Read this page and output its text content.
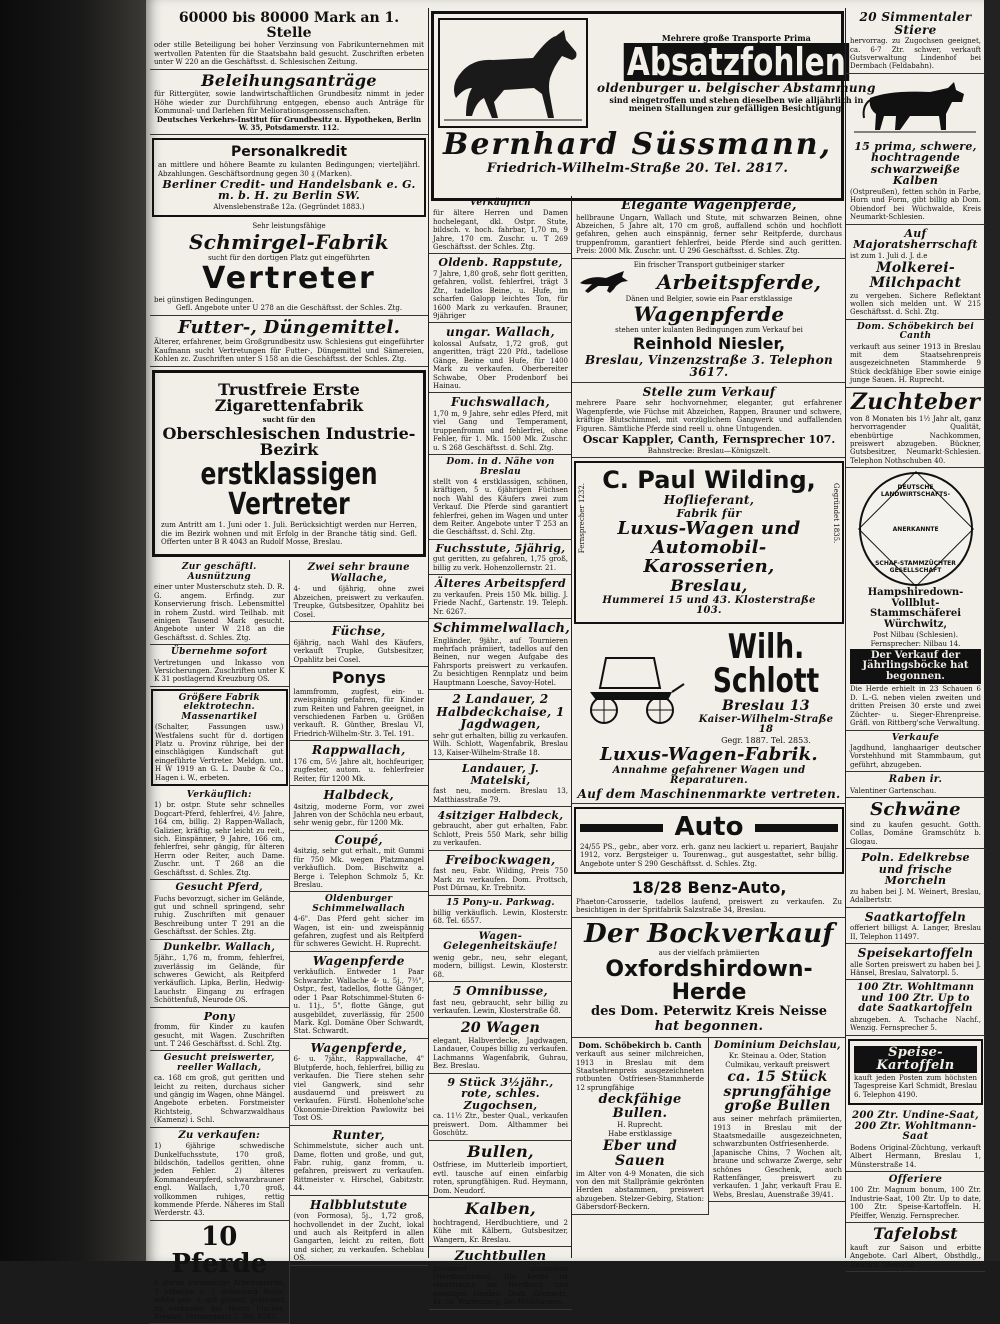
60000 bis 80000 Mark an 1. Stelle

oder stille Beteiligung bei hoher Verzinsung von Fabrikunternehmen mit wertvollen Patenten für die Staatsbahn bald gesucht. Zuschriften erbeten unter W 220 an die Geschäftsst. d. Schlesischen Zeitung.

Beleihungsanträge

für Rittergüter, sowie landwirtschaftlichen Grundbesitz nimmt in jeder Höhe wieder zur Durchführung entgegen, ebenso auch Anträge für Kommunal- und Darlehen für Meliorationsgenossenschaften.

Deutsches Verkehrs-Institut für Grundbesitz u. Hypotheken, Berlin W. 35, Potsdamerstr. 112.

Personalkredit

an mittlere und höhere Beamte zu kulanten Bedingungen; vierteljährl. Abzahlungen. Geschäftsordnung gegen 30 ₰ (Marken).

Berliner Credit- und Handelsbank e. G. m. b. H. zu Berlin SW.

Alvenslebenstraße 12a. (Gegründet 1883.)

Sehr leistungsfähige

Schmirgel-Fabrik

sucht für den dortigen Platz gut eingeführten

Vertreter

bei günstigen Bedingungen.

Gefl. Angebote unter U 278 an die Geschäftsst. der Schles. Ztg.

Futter-, Düngemittel.

Älterer, erfahrener, beim Großgrundbesitz usw. Schlesiens gut eingeführter Kaufmann sucht Vertretungen für Futter-, Düngemittel und Sämereien, Kohlen zc. Zuschriften unter S 158 an die Geschäftsst. der Schles. Ztg.

Trustfreie Erste Zigarettenfabrik

sucht für den

Oberschlesischen Industrie-Bezirk
erstklassigen Vertreter

zum Antritt am 1. Juni oder 1. Juli. Berücksichtigt werden nur Herren, die im Bezirk wohnen und mit Erfolg in der Branche tätig sind. Gefl. Offerten unter B R 4043 an Rudolf Mosse, Breslau.

Zur geschäftl. Ausnützung

einer unter Musterschutz steh. D. R. G. angem. Erfindg. zur Konservierung frisch. Lebensmittel in rohem Zustd. wird Teilhab. mit einigen Tausend Mark gesucht. Angebote unter W 218 an die Geschäftsst. d. Schles. Ztg.

Übernehme sofort

Vertretungen und Inkasso von Versicherungen. Zuschriften unter K K 31 postlagernd Kreuzburg OS.

Größere Fabrik elektrotechn. Massenartikel

(Schalter, Fassungen usw.) Westfalens sucht für d. dortigen Platz u. Provinz rührige, bei der einschlägigen Kundschaft gut eingeführte Vertreter. Meldgn. unt. H W 1919 an G. L. Daube & Co., Hagen i. W., erbeten.

Verkäuflich:

1) br. ostpr. Stute sehr schnelles Dogcart-Pferd, fehlerfrei, 4½ Jahre, 164 cm, billig. 2) Rappen-Wallach, Galizier, kräftig, sehr leicht zu reit., sich. Einspänner, 9 Jahre, 166 cm, fehlerfrei, sehr gängig, für älteren Herrn oder Reiter, auch Dame. Zuschr. unt. T 268 an die Geschäftsst. d. Schles. Ztg.

Gesucht Pferd,

Fuchs bevorzugt, sicher im Gelände, gut und schnell springend, sehr ruhig. Zuschriften mit genauer Beschreibung unter T 291 an die Geschäftsst. der Schles. Ztg.

Dunkelbr. Wallach,

5jähr., 1,76 m, fromm, fehlerfrei, zuverlässig im Gelände, für schweres Gewicht, als Reitpferd verkäuflich. Lipka, Berlin, Hedwig-Lauchstr. Eingang zu erfragen Schöttenfuß, Neurode OS.

Pony

fromm, für Kinder zu kaufen gesucht, mit Wagen. Zuschriften unt. T 246 Geschäftsst. d. Schl. Ztg.

Gesucht preiswerter, reeller Wallach,

ca. 168 cm groß, gut geritten und leicht zu reiten, durchaus sicher und gängig im Wagen, ohne Mängel. Angebote erbeten. Forstmeister Richtsteig, Schwarzwaldhaus (Kamenz) i. Schl.

Zu verkaufen:

1) 6jährige schwedische Dunkelfuchsstute, 170 groß, bildschön, tadellos geritten, ohne jeden Fehler. 2) älteres Kommandeurpferd, schwarzbrauner engl. Wallach, 1,70 groß, vollkommen ruhiges, rettig kommende Pferde. Näheres im Stall Werderstr. 43.

10 Pferde

5 starke kurzbeinige Arbeitspferde, 3 hübsche u. 1 oldenburg Stute, schön geb. u. gut gebaut, preiswert zu verkaufen bei Herrn Fischer, Breslau, Perlinerplatz 5. Tel. 8283.

Zwei sehr braune Wallache,

4- und 6jährig, ohne zwei Abzeichen, preiswert zu verkaufen. Treupke, Gutsbesitzer, Opahlitz bei Cosel.

Füchse,

6jährig, nach Wahl des Käufers, verkauft Trupke, Gutsbesitzer, Opahlitz bei Cosel.

Ponys

lammfromm, zugfest, ein- u. zweispännig gefahren, für Kinder zum Reiten und Fahren geeignet, in verschiedenen Farben u. Größen verkauft. R. Günther, Breslau VI, Friedrich-Wilhelm-Str. 3. Tel. 191.

Rappwallach,

176 cm, 5½ Jahre alt, hochfeuriger, zugfester, autom. u. fehlerfreier Reiter, für 1200 Mk.

Halbdeck,

4sitzig, moderne Form, vor zwei Jahren von der Schöchla neu erbaut, sehr wenig gebr., für 1200 Mk.

Coupé,

4sitzig, sehr gut erhalt., mit Gummi für 750 Mk. wegen Platzmangel verkäuflich. Dom. Bischwitz a. Berge i. Telephon Schmolz 5, Kr. Breslau.

Oldenburger Schimmelwallach

4-6". Das Pferd geht sicher im Wagen, ist ein- und zweispännig gefahren, zugfest und als Reitpferd für schweres Gewicht. H. Ruprecht.

Wagenpferde

verkäuflich. Entweder 1 Paar Schwarzbr. Wallache 4- u. 5j., 7½", Ostpr., fest, tadellos, flotte Gänger, oder 1 Paar Rotschimmel-Stuten 6- u. 11j., 5", flotte Gänge, gut ausgebildet, zuverlässig, für 2500 Mark. Kgl. Domäne Ober Schwardt, Stat. Schwardt.

Wagenpferde,

6- u. 7jähr., Rappwallache, 4" Blutpferde, hoch, fehlerfrei, billig zu verkaufen. Die Tiere stehen sehr viel Gangwerk, sind sehr ausdauernd und preiswert zu verkaufen. Fürstl. Hohenlohe'sche Ökonomie-Direktion Pawlowitz bei Tost OS.

Runter,

Schimmelstute, sicher auch unt. Dame, flotten und große, und gut, Fabr. ruhig, ganz fromm, u. gefahren, preiswert zu verkaufen. Rittmeister v. Hirschel, Gabitzstr. 44.

Halbblutstute

(von Formosa), 5j., 1,72 groß, hochvollendet in der Zucht, lokal und auch als Reitpferd in allen Gangarten, leicht zu reiten, flott und sicher, zu verkaufen. Scheblau OS.

Verkäuflich

für ältere Herren und Damen hochelegant, dkl. Ostpr. Stute, bildsch. v. hoch. fahrbar, 1,70 m, 9 Jahre, 170 cm. Zuschr. u. T 269 Geschäftsst. der Schles. Ztg.

Oldenb. Rappstute,

7 Jahre, 1,80 groß, sehr flott geritten, gefahren, vollst. fehlerfrei, trägt 3 Ztr., tadellos Beine, u. Hufe, im scharfen Galopp leichtes Ton, für 1600 Mark zu verkaufen. Brauner, 9jähriger

ungar. Wallach,

kolossal Aufsatz, 1,72 groß, gut angeritten, trägt 220 Pfd., tadellose Gänge, Beine und Hufe, für 1400 Mark zu verkaufen. Oberbereiter Schwabe, Ober Prodenborf bei Hainau.

Fuchswallach,

1,70 m, 9 Jahre, sehr edles Pferd, mit viel Gang und Temperament, truppenfromm und fehlerfrei, ohne Fehler, für 1. Mk. 1500 Mk. Zuschr. u. S 268 Geschäftsst. d. Schl. Ztg.

Dom. in d. Nähe von Breslau

stellt von 4 erstklassigen, schönen, kräftigen, 5 u. 6jährigen Füchsen noch Wahl des Käufers zwei zum Verkauf. Die Pferde sind garantiert fehlerfrei, gehen im Wagen und unter dem Reiter. Angebote unter T 253 an die Geschäftsst. d. Schl. Ztg.

Fuchsstute, 5jährig,

gut geritten, zu gefahren, 1,75 groß, billig zu verk. Hohenzollernstr. 21.

Älteres Arbeitspferd

zu verkaufen. Preis 150 Mk. billig. J. Friede Nachf., Gartenstr. 19. Teleph. Nr. 6267.

Schimmelwallach,

Engländer, 9jähr., auf Tournieren mehrfach prämiiert, tadellos auf den Beinen, nur wegen Aufgabe des Fahrsports preiswert zu verkaufen. Zu besichtigen Rennplatz und beim Hauptmann Loesche, Savoy-Hotel.

2 Landauer, 2 Halbdeckchaise, 1 Jagdwagen,

sehr gut erhalten, billig zu verkaufen. Wilh. Schlott, Wagenfabrik, Breslau 13, Kaiser-Wilhelm-Straße 18.

Landauer, J. Matelski,

fast neu, modern. Breslau 13, Matthiasstraße 79.

4sitziger Halbdeck,

gebraucht, aber gut erhalten, Fabr. Schlott, Preis 550 Mark, sehr billig zu verkaufen.

Freibockwagen,

fast neu, Fabr. Wilding, Preis 750 Mark zu verkaufen. Dom. Prottsch, Post Dürnau, Kr. Trebnitz.

15 Pony-u. Parkwag.

billig verkäuflich. Lewin, Klosterstr. 68. Tel. 6557.

Wagen-Gelegenheitskäufe!

wenig gebr., neu, sehr elegant, modern, billigst. Lewin, Klosterstr. 68.

5 Omnibusse,

fast neu, gebraucht, sehr billig zu verkaufen. Lewin, Klosterstraße 68.

20 Wagen

elegant, Halbverdecke, Jagdwagen, Landauer, Coupés billig zu verkaufen. Lachmanns Wagenfabrik, Guhrau, Bez. Breslau.

9 Stück 3½jähr., rote, schles. Zugochsen,

ca. 11½ Ztr., bester Qual., verkaufen preiswert. Dom. Althammer bei Goschütz.

Bullen,

Ostfriese, im Mutterleib importiert, evtl. tausche auf einen einfarbig roten, sprungfähigen. Rud. Heymann, Dom. Neudorf.

Kalben,

hochtragend, Herdbuchtiere, und 2 Kühe mit Kälbern, Gutsbesitzer, Wangern, Kr. Breslau.

Zuchtbullen

preiswert abzugeben (Herdbuchtiere). Die Kerde ist eingetragen ins Herdbuch und sonstigen Herden. Dom. Grunwitz, Kr. Gr. Wartenberg, bei Mühlhausen.

Mehrere große Transporte Prima

Absatzfohlen
oldenburger u. belgischer Abstammung

sind eingetroffen und stehen dieselben wie alljährlich in meinen Stallungen zur gefälligen Besichtigung.

Bernhard Süssmann,
Friedrich-Wilhelm-Straße 20. Tel. 2817.
Elegante Wagenpferde,

hellbraune Ungarn, Wallach und Stute, mit schwarzen Beinen, ohne Abzeichen, 5 Jahre alt, 170 cm groß, auffallend schön und hochflott gefahren, gehen auch einspännig, ferner sehr Reitpferde, durchaus truppenfromm, garantiert fehlerfrei, beide Pferde sind auch geritten. Preis: 2000 Mk. Zuschr. unt. U 296 Geschäftsst. d. Schles. Ztg.

Ein frischer Transport gutbeiniger starker

Arbeitspferde,

Dänen und Belgier, sowie ein Paar erstklassige

Wagenpferde

stehen unter kulanten Bedingungen zum Verkauf bei

Reinhold Niesler,
Breslau, Vinzenzstraße 3. Telephon 3617.
Stelle zum Verkauf

mehrere Paare sehr hochvornehmer, eleganter, gut erfahrener Wagenpferde, wie Füchse mit Abzeichen, Rappen, Brauner und schwere, kräftige Blutschimmel, mit vorzüglichem Gangwerk und auffallenden Figuren. Sämtliche Pferde sind reell u. ohne Untugenden.

Oscar Kappler, Canth, Fernsprecher 107.

Bahnstrecke: Breslau—Königszelt.

Fernsprecher 1232.	Gegründet 1835.
C. Paul Wilding,
Hoflieferant,
Fabrik für
Luxus-Wagen und Automobil-Karosserien,
Breslau,
Hummerei 15 und 43. Klosterstraße 103.
Wilh. Schlott
Breslau 13
Kaiser-Wilhelm-Straße 18

Gegr. 1887. Tel. 2853.

Luxus-Wagen-Fabrik.
Annahme gefahrener Wagen und Reparaturen.
Auf dem Maschinenmarkte vertreten.
Auto

24/55 PS., gebr., aber vorz. erh. ganz neu lackiert u. repariert, Baujahr 1912, vorz. Bergsteiger u. Tourenwag., gut ausgestattet, sehr billig. Angebote unter S 290 Geschäftsst. d. Schles. Ztg.

18/28 Benz-Auto,

Phaeton-Carosserie, tadellos laufend, preiswert zu verkaufen. Zu besichtigen in der Spritfabrik Salzstraße 34, Breslau.

Der Bockverkauf

aus der vielfach prämiierten

Oxfordshirdown-Herde
des Dom. Peterwitz Kreis Neisse
hat begonnen.
Dom. Schöbekirch b. Canth

verkauft aus seiner milchreichen, 1913 in Breslau mit dem Staatsehrenpreis ausgezeichneten rotbunten Ostfriesen-Stammherde 12 sprungfähige

deckfähige Bullen.

H. Ruprecht.

Habe erstklassige

Eber und Sauen

im Alter von 4-9 Monaten, die sich von den mit Stallprämie gekrönten Herden abstammen, preiswert abzugeben. Stelzer-Gebirg, Station: Gäbersdorf-Beckern.

Dominium Deichslau,

Kr. Steinau a. Oder, Station Culmikau, verkauft preiswert

ca. 15 Stück sprungfähige große Bullen

aus seiner mehrfach prämiierten, 1913 in Breslau mit der Staatsmedaille ausgezeichneten, schwarzbunten Ostfriesenherde.

Japanische Chins, 7 Wochen alt, braune und schwarze Zwerge, sehr schönes Geschenk, auch Rattenfänger, preiswert zu verkaufen. 1 Jahr, verkauft Frau E. Webs, Breslau, Auenstraße 39/41.

20 Simmentaler Stiere

hervorrag. zu Zugochsen geeignet, ca. 6-7 Ztr. schwer, verkauft Gutsverwaltung Lindenhof bei Dermbach (Feldabahn).

15 prima, schwere, hochtragende schwarzweiße Kalben

(Ostpreußen), fetten schön in Farbe, Horn und Form, gibt billig ab Dom. Obiendorf bei Wüchwalde, Kreis Neumarkt-Schlesien.

Auf Majoratsherrschaft

ist zum 1. Juli d. J. d.e

Molkerei-Milchpacht

zu vergeben. Sichere Reflektant wollen sich melden unt. W 215 Geschäftsst. d. Schl. Ztg.

Dom. Schöbekirch bei Canth

verkauft aus seiner 1913 in Breslau mit dem Staatsehrenpreis ausgezeichneten Stammherde 9 Stück deckfähige Eber sowie einige junge Sauen. H. Ruprecht.

Zuchteber

von 8 Monaten bis 1½ Jahr alt, ganz hervorragender Qualität, ebenbürtige Nachkommen, preiswert abzugeben. Bückner, Gutsbesitzer, Neumarkt-Schlesien. Telephon Nothschuben 40.

DEUTSCHE LANDWIRTSCHAFTS-
ANERKANNTE
SCHAF-STAMMZÜCHTER GESELLSCHAFT
Hampshiredown-Vollblut-Stammschäferei Würchwitz,

Post Nilbau (Schlesien). Fernsprecher: Nilbau 14.

Der Verkauf der Jährlingsböcke hat begonnen.

Die Herde erhielt in 23 Schauen 6 D. L.-G. neben vielen zweiten und dritten Preisen 30 erste und zwei Züchter- u. Sieger-Ehrenpreise. Gräfl. von Rittberg'sche Verwaltung.

Verkaufe

Jagdhund, langhaariger deutscher Vorstehhund mit Stammbaum, gut geführt, abzugeben.

Raben ir.

Valentiner Gartenschau.

Schwäne

sind zu kaufen gesucht. Gotth. Collas, Domäne Gramschütz b. Glogau.

Poln. Edelkrebse und frische Morcheln

zu haben bei J. M. Weinert, Breslau, Adalbertstr.

Saatkartoffeln

offeriert billigst A. Langer, Breslau II, Telephon 11497.

Speisekartoffeln

alle Sorten preiswert zu haben bei J. Hänsel, Breslau, Salvatorpl. 5.

100 Ztr. Wohltmann und 100 Ztr. Up to date Saatkartoffeln

abzugeben. A. Tschache Nachf., Wenzig. Fernsprecher 5.

Speise-Kartoffeln

kauft jeden Posten zum höchsten Tagespreise Karl Schmidt, Breslau 6. Telephon 4190.

200 Ztr. Undine-Saat, 200 Ztr. Wohltmann-Saat

Bodens Original-Züchtung, verkauft Albert Hermann, Breslau 1, Münsterstraße 14.

Offeriere

100 Ztr. Magnum bonum, 100 Ztr. Industrie-Saat, 100 Ztr. Up to date, 100 Ztr. Speise-Kartoffeln. H. Pfeiffer, Wenzig. Fernsprecher.

Tafelobst

kauft zur Saison und erbitte Angebote. Carl Albert, Obsthdlg., Deutsch Oberschl.
